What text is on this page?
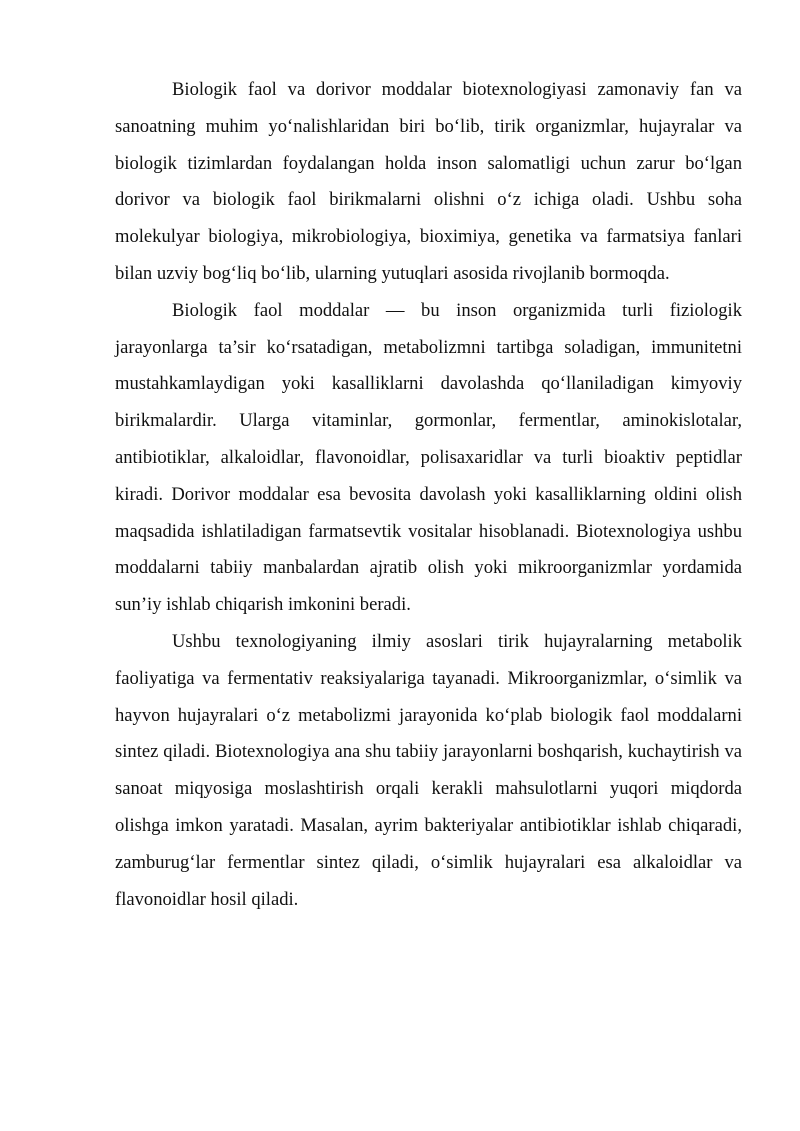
Biologik faol va dorivor moddalar biotexnologiyasi zamonaviy fan va sanoatning muhim yo‘nalishlaridan biri bo‘lib, tirik organizmlar, hujayralar va biologik tizimlardan foydalangan holda inson salomatligi uchun zarur bo‘lgan dorivor va biologik faol birikmalarni olishni o‘z ichiga oladi. Ushbu soha molekulyar biologiya, mikrobiologiya, bioximiya, genetika va farmatsiya fanlari bilan uzviy bog‘liq bo‘lib, ularning yutuqlari asosida rivojlanib bormoqda.

Biologik faol moddalar — bu inson organizmida turli fiziologik jarayonlarga ta’sir ko‘rsatadigan, metabolizmni tartibga soladigan, immunitetni mustahkamlaydigan yoki kasalliklarni davolashda qo‘llaniladigan kimyoviy birikmalardir. Ularga vitaminlar, gormonlar, fermentlar, aminokislotalar, antibiotiklar, alkaloidlar, flavonoidlar, polisaxaridlar va turli bioaktiv peptidlar kiradi. Dorivor moddalar esa bevosita davolash yoki kasalliklarning oldini olish maqsadida ishlatiladigan farmatsevtik vositalar hisoblanadi. Biotexnologiya ushbu moddalarni tabiiy manbalardan ajratib olish yoki mikroorganizmlar yordamida sun’iy ishlab chiqarish imkonini beradi.

Ushbu texnologiyaning ilmiy asoslari tirik hujayralarning metabolik faoliyatiga va fermentativ reaksiyalariga tayanadi. Mikroorganizmlar, o‘simlik va hayvon hujayralari o‘z metabolizmi jarayonida ko‘plab biologik faol moddalarni sintez qiladi. Biotexnologiya ana shu tabiiy jarayonlarni boshqarish, kuchaytirish va sanoat miqyosiga moslashtirish orqali kerakli mahsulotlarni yuqori miqdorda olishga imkon yaratadi. Masalan, ayrim bakteriyalar antibiotiklar ishlab chiqaradi, zamburug‘lar fermentlar sintez qiladi, o‘simlik hujayralari esa alkaloidlar va flavonoidlar hosil qiladi.
